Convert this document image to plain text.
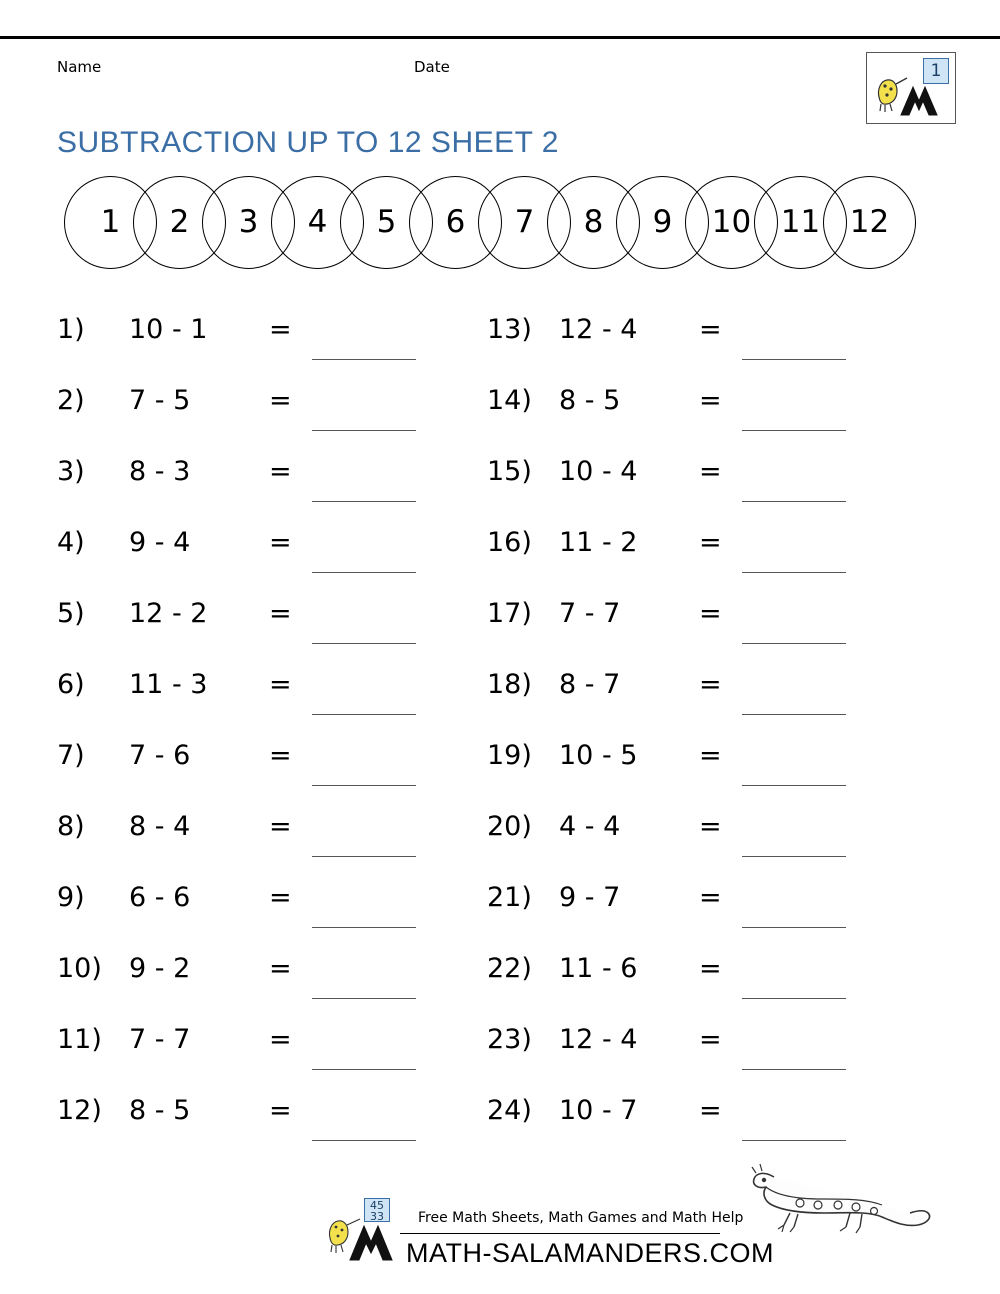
Name	Date	1
SUBTRACTION UP TO 12 SHEET 2
1	2	3	4	5	6	7	8	9	10 11 12
1)	10 - 1 =
2)	7 - 5	=
3)	8 - 3	=
4)	9 - 4	=
5)	12 - 2 =
6)	11 - 3 =
7)	7 - 6	=
8)	8 - 4	=
9)	6 - 6	=
10)	9 - 2	=
11)	7 - 7	=
12)	8 - 5	=
13)	12 - 4 =
14)	8 - 5	=
15)	10 - 4 =
16)	11 - 2 =
17)	7 - 7	=
18)	8 - 7	=
19)	10 - 5 =
20)	4 - 4	=
21)	9 - 7	=
22)	11 - 6 =
23)	12 - 4 =
24)	10 - 7 =
45
33	Free Math Sheets, Math Games and Math Help
MATH-SALAMANDERS.COM
